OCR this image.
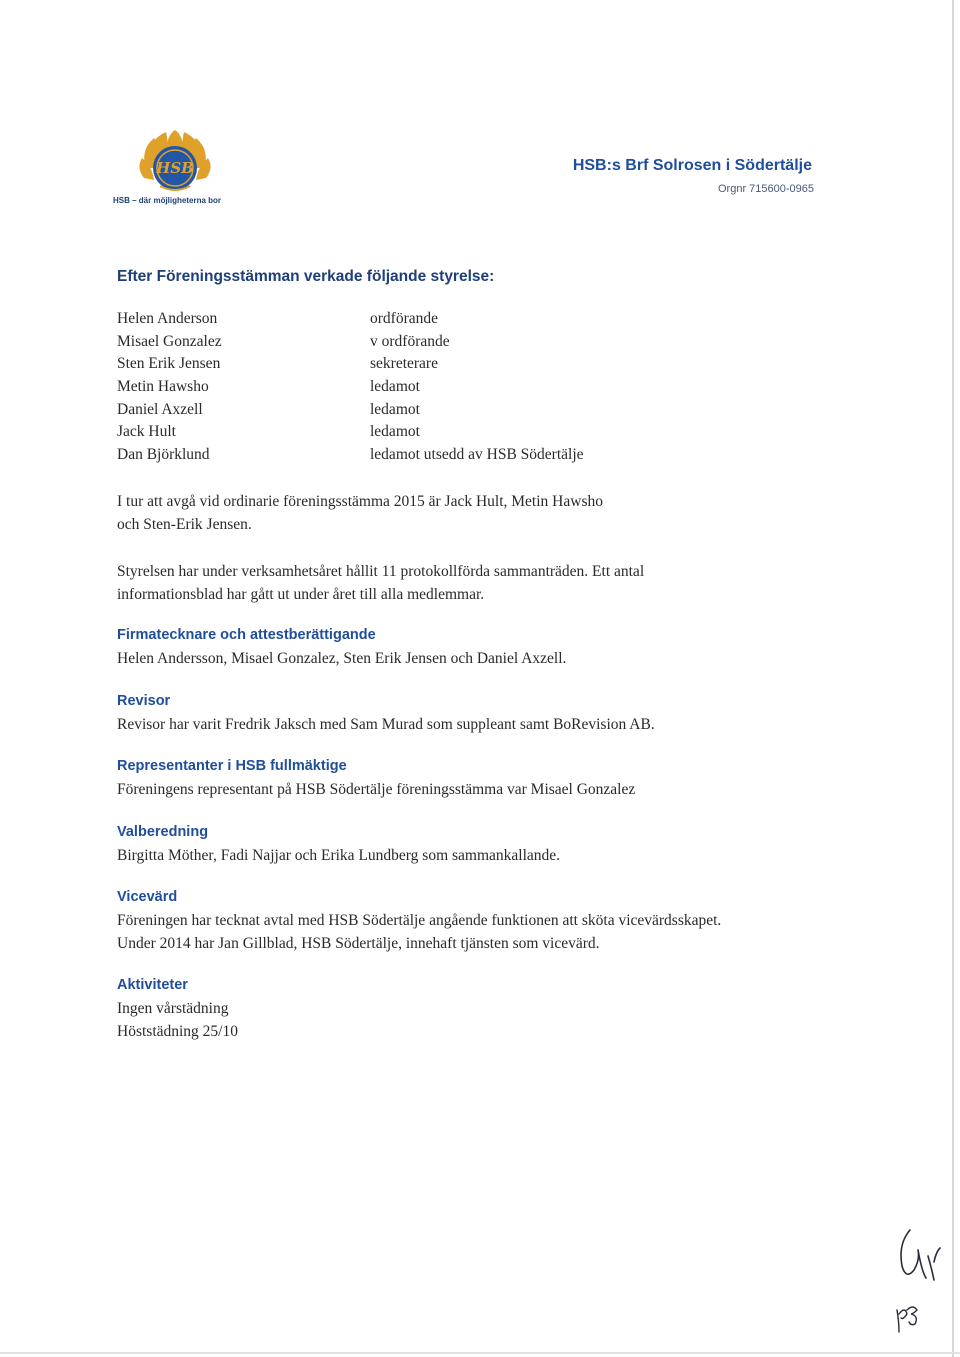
HSB
HSB – där möjligheterna bor
HSB:s Brf Solrosen i Södertälje
Orgnr 715600-0965
Efter Föreningsstämman verkade följande styrelse:
Helen Anderson	ordförande
Misael Gonzalez	v ordförande
Sten Erik Jensen	sekreterare
Metin Hawsho	ledamot
Daniel Axzell	ledamot
Jack Hult	ledamot
Dan Björklund	ledamot utsedd av HSB Södertälje
I tur att avgå vid ordinarie föreningsstämma 2015 är Jack Hult, Metin Hawsho
och Sten-Erik Jensen.
Styrelsen har under verksamhetsåret hållit 11 protokollförda sammanträden. Ett antal
informationsblad har gått ut under året till alla medlemmar.
Firmatecknare och attestberättigande
Helen Andersson, Misael Gonzalez, Sten Erik Jensen och Daniel Axzell.
Revisor
Revisor har varit Fredrik Jaksch med Sam Murad som suppleant samt BoRevision AB.
Representanter i HSB fullmäktige
Föreningens representant på HSB Södertälje föreningsstämma var Misael Gonzalez
Valberedning
Birgitta Möther, Fadi Najjar och Erika Lundberg som sammankallande.
Vicevärd
Föreningen har tecknat avtal med HSB Södertälje angående funktionen att sköta vicevärdsskapet.
Under 2014 har Jan Gillblad, HSB Södertälje, innehaft tjänsten som vicevärd.
Aktiviteter
Ingen vårstädning
Höststädning 25/10
